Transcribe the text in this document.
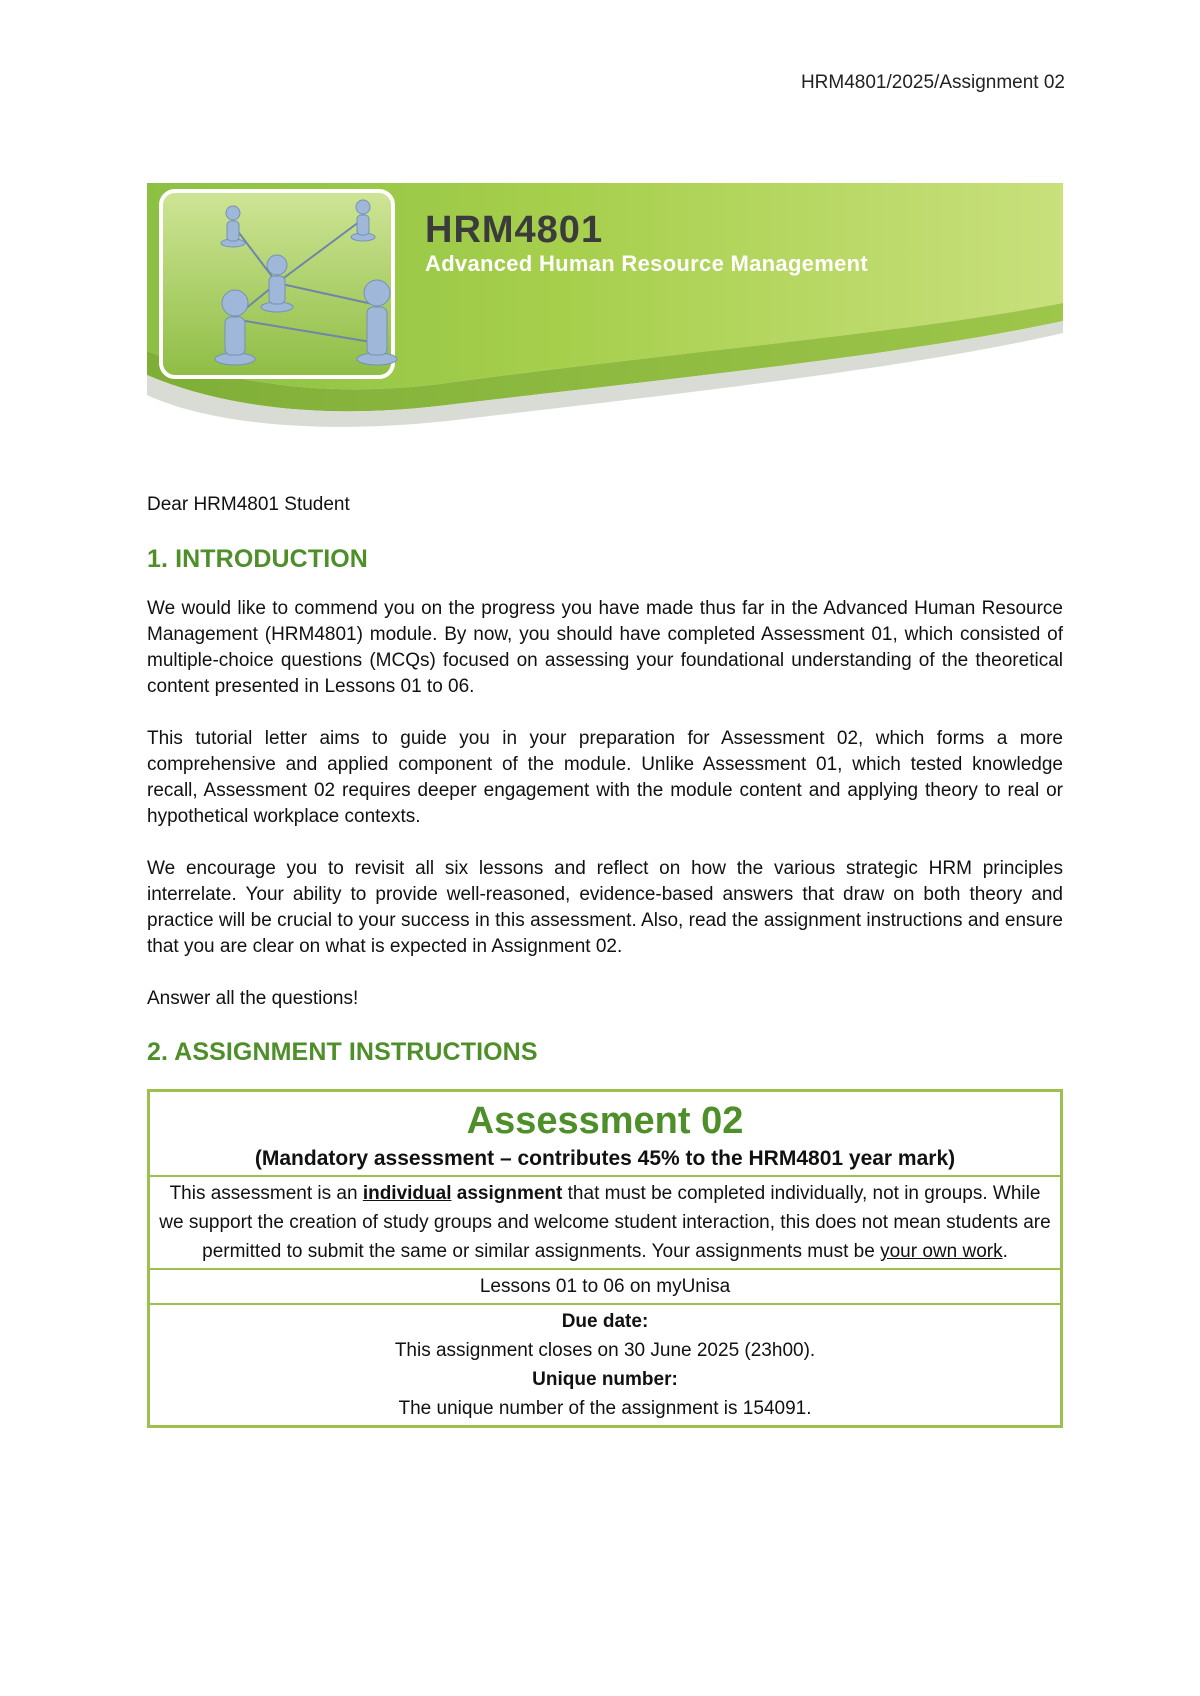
HRM4801/2025/Assignment 02
HRM4801
Advanced Human Resource Management
Dear HRM4801 Student
1. INTRODUCTION

We would like to commend you on the progress you have made thus far in the Advanced Human Resource Management (HRM4801) module. By now, you should have completed Assessment 01, which consisted of multiple-choice questions (MCQs) focused on assessing your foundational understanding of the theoretical content presented in Lessons 01 to 06.

This tutorial letter aims to guide you in your preparation for Assessment 02, which forms a more comprehensive and applied component of the module. Unlike Assessment 01, which tested knowledge recall, Assessment 02 requires deeper engagement with the module content and applying theory to real or hypothetical workplace contexts.

We encourage you to revisit all six lessons and reflect on how the various strategic HRM principles interrelate. Your ability to provide well-reasoned, evidence-based answers that draw on both theory and practice will be crucial to your success in this assessment. Also, read the assignment instructions and ensure that you are clear on what is expected in Assignment 02.

Answer all the questions!

2. ASSIGNMENT INSTRUCTIONS
Assessment 02
(Mandatory assessment – contributes 45% to the HRM4801 year mark)

This assessment is an individual assignment that must be completed individually, not in groups. While we support the creation of study groups and welcome student interaction, this does not mean students are permitted to submit the same or similar assignments. Your assignments must be your own work.
Lessons 01 to 06 on myUnisa

Due date:
This assignment closes on 30 June 2025 (23h00).
Unique number:
The unique number of the assignment is 154091.
